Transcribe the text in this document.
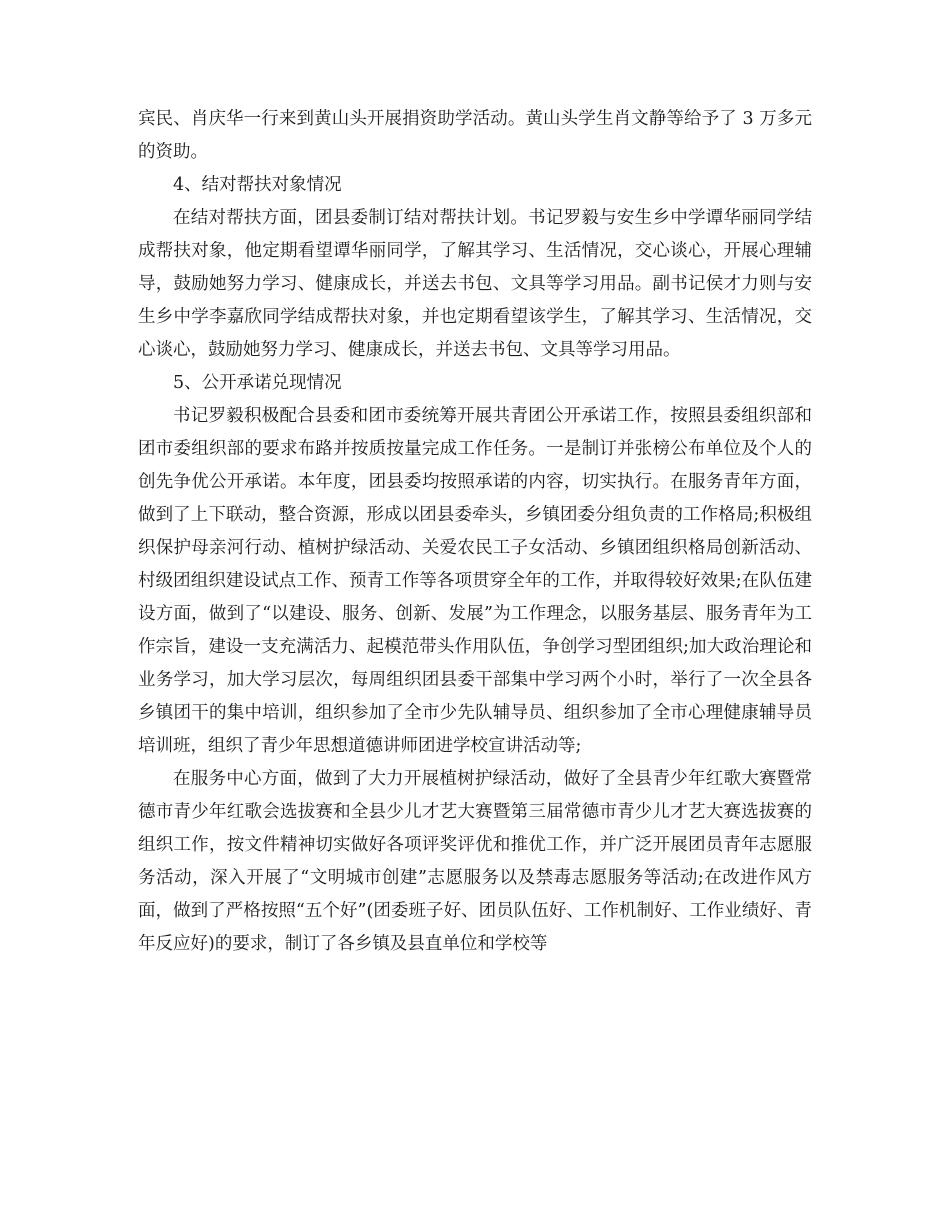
宾民、肖庆华一行来到黄山头开展捐资助学活动。黄山头学生肖文静等给予了 3 万多元的资助。

4、结对帮扶对象情况

在结对帮扶方面，团县委制订结对帮扶计划。书记罗毅与安生乡中学谭华丽同学结成帮扶对象，他定期看望谭华丽同学，了解其学习、生活情况，交心谈心，开展心理辅导，鼓励她努力学习、健康成长，并送去书包、文具等学习用品。副书记侯才力则与安生乡中学李嘉欣同学结成帮扶对象，并也定期看望该学生，了解其学习、生活情况，交心谈心，鼓励她努力学习、健康成长，并送去书包、文具等学习用品。

5、公开承诺兑现情况

书记罗毅积极配合县委和团市委统筹开展共青团公开承诺工作，按照县委组织部和团市委组织部的要求布路并按质按量完成工作任务。一是制订并张榜公布单位及个人的创先争优公开承诺。本年度，团县委均按照承诺的内容，切实执行。在服务青年方面，做到了上下联动，整合资源，形成以团县委牵头，乡镇团委分组负责的工作格局;积极组织保护母亲河行动、植树护绿活动、关爱农民工子女活动、乡镇团组织格局创新活动、村级团组织建设试点工作、预青工作等各项贯穿全年的工作，并取得较好效果;在队伍建设方面，做到了“以建设、服务、创新、发展”为工作理念，以服务基层、服务青年为工作宗旨，建设一支充满活力、起模范带头作用队伍，争创学习型团组织;加大政治理论和业务学习，加大学习层次，每周组织团县委干部集中学习两个小时，举行了一次全县各乡镇团干的集中培训，组织参加了全市少先队辅导员、组织参加了全市心理健康辅导员培训班，组织了青少年思想道德讲师团进学校宣讲活动等;

在服务中心方面，做到了大力开展植树护绿活动，做好了全县青少年红歌大赛暨常德市青少年红歌会选拔赛和全县少儿才艺大赛暨第三届常德市青少儿才艺大赛选拔赛的组织工作，按文件精神切实做好各项评奖评优和推优工作，并广泛开展团员青年志愿服务活动，深入开展了“文明城市创建”志愿服务以及禁毒志愿服务等活动;在改进作风方面，做到了严格按照“五个好”(团委班子好、团员队伍好、工作机制好、工作业绩好、青年反应好)的要求，制订了各乡镇及县直单位和学校等
